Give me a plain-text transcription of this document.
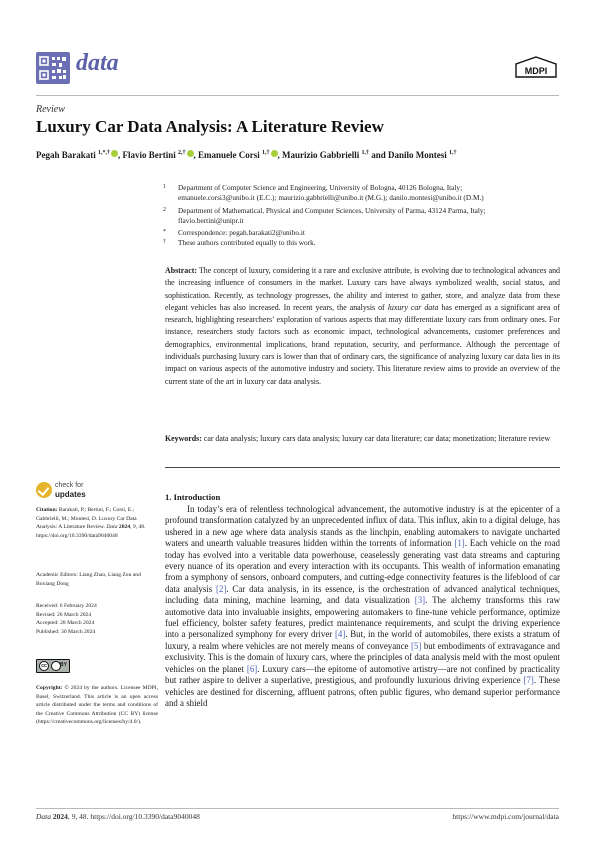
data	MDPI
Review
Luxury Car Data Analysis: A Literature Review
Pegah Barakati $^{1,*,\dagger}$ , Flavio Bertini $^{2,\dagger}$ , Emanuele Corsi $^{1,\dagger}$ , Maurizio Gabbrielli $^{1,\dagger}$ and Danilo Montesi $^{1,\dagger}$
1 Department of Computer Science and Engineering, University of Bologna, 40126 Bologna, Italy;
emanuele.corsi3@unibo.it (E.C.); maurizio.gabbrielli@unibo.it (M.G.); danilo.montesi@unibo.it (D.M.)
2 Department of Mathematical, Physical and Computer Sciences, University of Parma, 43124 Parma, Italy;
flavio.bertini@unipr.it
* Correspondence: pegah.barakati2@unibo.it
† These authors contributed equally to this work.
Abstract: The concept of luxury, considering it a rare and exclusive attribute, is evolving due to technological advances and the increasing influence of consumers in the market. Luxury cars have always symbolized wealth, social status, and sophistication. Recently, as technology progresses, the ability and interest to gather, store, and analyze data from these elegant vehicles has also increased. In recent years, the analysis of luxury car data has emerged as a significant area of research, highlighting researchers’ exploration of various aspects that may differentiate luxury cars from ordinary ones. For instance, researchers study factors such as economic impact, technological advancements, customer preferences and demographics, environmental implications, brand reputation, security, and performance. Although the percentage of individuals purchasing luxury cars is lower than that of ordinary cars, the significance of analyzing luxury car data lies in its impact on various aspects of the automotive industry and society. This literature review aims to provide an overview of the current state of the art in luxury car data analysis.
Keywords: car data analysis; luxury cars data analysis; luxury car data literature; car data; monetization; literature review
check for
updates
Citation: Barakati, P.; Bertini, F.; Corsi, E.; Gabbrielli, M.; Montesi, D. Luxury Car Data Analysis: A Literature Review. Data 2024, 9, 48. https://doi.org/10.3390/data9040048
Academic Editors: Liang Zhao, Liang Zou and Boxiang Dong
Received: 6 February 2024
Revised: 26 March 2024
Accepted: 28 March 2024
Published: 30 March 2024
cc	BY
Copyright: © 2024 by the authors. Licensee MDPI, Basel, Switzerland. This article is an open access article distributed under the terms and conditions of the Creative Commons Attribution (CC BY) license (https://creativecommons.org/licenses/by/4.0/).
1. Introduction

In today’s era of relentless technological advancement, the automotive industry is at the epicenter of a profound transformation catalyzed by an unprecedented influx of data. This influx, akin to a digital deluge, has ushered in a new age where data analysis stands as the linchpin, enabling automakers to navigate uncharted waters and unearth valuable treasures hidden within the torrents of information [1]. Each vehicle on the road today has evolved into a veritable data powerhouse, ceaselessly generating vast data streams and capturing every nuance of its operation and every interaction with its occupants. This wealth of information emanating from a symphony of sensors, onboard computers, and cutting-edge connectivity features is the lifeblood of car data analysis [2]. Car data analysis, in its essence, is the orchestration of advanced analytical techniques, including data mining, machine learning, and data visualization [3]. The alchemy transforms this raw automotive data into invaluable insights, empowering automakers to fine-tune vehicle performance, optimize fuel efficiency, bolster safety features, predict maintenance requirements, and sculpt the driving experience into a personalized symphony for every driver [4]. But, in the world of automobiles, there exists a stratum of luxury, a realm where vehicles are not merely means of conveyance [5] but embodiments of extravagance and exclusivity. This is the domain of luxury cars, where the principles of data analysis meld with the most opulent vehicles on the planet [6]. Luxury cars—the epitome of automotive artistry—are not confined by practicality but rather aspire to deliver a superlative, prestigious, and profoundly luxurious driving experience [7]. These vehicles are destined for discerning, affluent patrons, often public figures, who demand superior performance and a shield

Data 2024, 9, 48. https://doi.org/10.3390/data9040048	https://www.mdpi.com/journal/data
